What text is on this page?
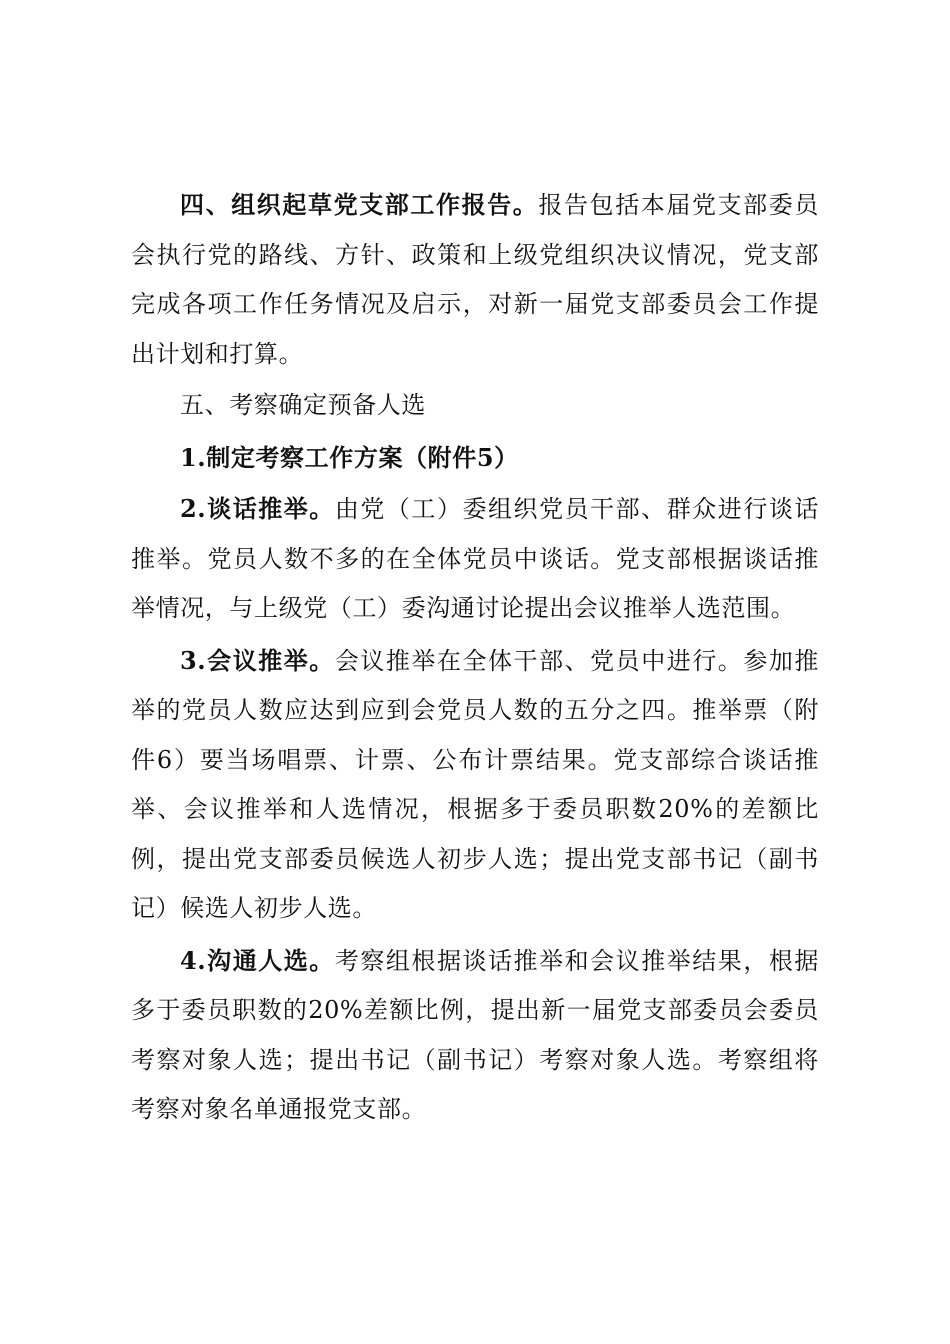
四、组织起草党支部工作报告。报告包括本届党支部委员会执行党的路线、方针、政策和上级党组织决议情况，党支部完成各项工作任务情况及启示，对新一届党支部委员会工作提出计划和打算。

五、考察确定预备人选

1.制定考察工作方案（附件5）

2.谈话推举。由党（工）委组织党员干部、群众进行谈话推举。党员人数不多的在全体党员中谈话。党支部根据谈话推举情况，与上级党（工）委沟通讨论提出会议推举人选范围。

3.会议推举。会议推举在全体干部、党员中进行。参加推举的党员人数应达到应到会党员人数的五分之四。推举票（附件6）要当场唱票、计票、公布计票结果。党支部综合谈话推举、会议推举和人选情况，根据多于委员职数20%的差额比例，提出党支部委员候选人初步人选；提出党支部书记（副书记）候选人初步人选。

4.沟通人选。考察组根据谈话推举和会议推举结果，根据多于委员职数的20%差额比例，提出新一届党支部委员会委员考察对象人选；提出书记（副书记）考察对象人选。考察组将考察对象名单通报党支部。
